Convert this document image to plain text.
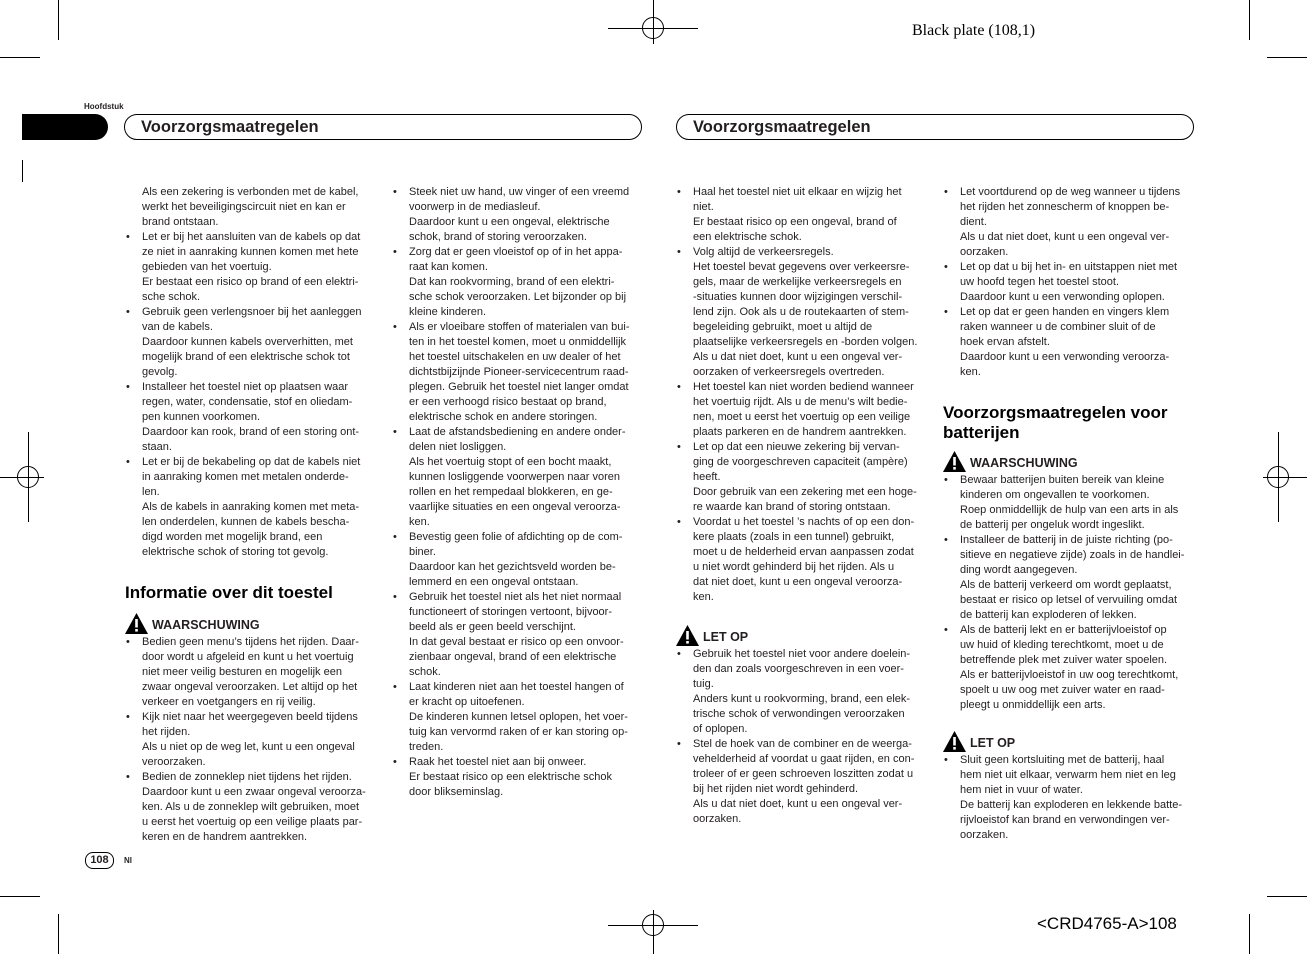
Black plate (108,1)
<CRD4765-A>108
Hoofdstuk
Voorzorgsmaatregelen	Voorzorgsmaatregelen
Als een zekering is verbonden met de kabel,
werkt het beveiligingscircuit niet en kan er
brand ontstaan.
• Let er bij het aansluiten van de kabels op dat
ze niet in aanraking kunnen komen met hete
gebieden van het voertuig.
Er bestaat een risico op brand of een elektri-
sche schok.
• Gebruik geen verlengsnoer bij het aanleggen
van de kabels.
Daardoor kunnen kabels oververhitten, met
mogelijk brand of een elektrische schok tot
gevolg.
• Installeer het toestel niet op plaatsen waar
regen, water, condensatie, stof en oliedam-
pen kunnen voorkomen.
Daardoor kan rook, brand of een storing ont-
staan.
• Let er bij de bekabeling op dat de kabels niet
in aanraking komen met metalen onderde-
len.
Als de kabels in aanraking komen met meta-
len onderdelen, kunnen de kabels bescha-
digd worden met mogelijk brand, een
elektrische schok of storing tot gevolg.
Informatie over dit toestel
WAARSCHUWING
• Bedien geen menu’s tijdens het rijden. Daar-
door wordt u afgeleid en kunt u het voertuig
niet meer veilig besturen en mogelijk een
zwaar ongeval veroorzaken. Let altijd op het
verkeer en voetgangers en rij veilig.
• Kijk niet naar het weergegeven beeld tijdens
het rijden.
Als u niet op de weg let, kunt u een ongeval
veroorzaken.
• Bedien de zonneklep niet tijdens het rijden.
Daardoor kunt u een zwaar ongeval veroorza-
ken. Als u de zonneklep wilt gebruiken, moet
u eerst het voertuig op een veilige plaats par-
keren en de handrem aantrekken.
• Steek niet uw hand, uw vinger of een vreemd
voorwerp in de mediasleuf.
Daardoor kunt u een ongeval, elektrische
schok, brand of storing veroorzaken.
• Zorg dat er geen vloeistof op of in het appa-
raat kan komen.
Dat kan rookvorming, brand of een elektri-
sche schok veroorzaken. Let bijzonder op bij
kleine kinderen.
• Als er vloeibare stoffen of materialen van bui-
ten in het toestel komen, moet u onmiddellijk
het toestel uitschakelen en uw dealer of het
dichtstbijzijnde Pioneer-servicecentrum raad-
plegen. Gebruik het toestel niet langer omdat
er een verhoogd risico bestaat op brand,
elektrische schok en andere storingen.
• Laat de afstandsbediening en andere onder-
delen niet losliggen.
Als het voertuig stopt of een bocht maakt,
kunnen losliggende voorwerpen naar voren
rollen en het rempedaal blokkeren, en ge-
vaarlijke situaties en een ongeval veroorza-
ken.
• Bevestig geen folie of afdichting op de com-
biner.
Daardoor kan het gezichtsveld worden be-
lemmerd en een ongeval ontstaan.
• Gebruik het toestel niet als het niet normaal
functioneert of storingen vertoont, bijvoor-
beeld als er geen beeld verschijnt.
In dat geval bestaat er risico op een onvoor-
zienbaar ongeval, brand of een elektrische
schok.
• Laat kinderen niet aan het toestel hangen of
er kracht op uitoefenen.
De kinderen kunnen letsel oplopen, het voer-
tuig kan vervormd raken of er kan storing op-
treden.
• Raak het toestel niet aan bij onweer.
Er bestaat risico op een elektrische schok
door blikseminslag.
• Haal het toestel niet uit elkaar en wijzig het
niet.
Er bestaat risico op een ongeval, brand of
een elektrische schok.
• Volg altijd de verkeersregels.
Het toestel bevat gegevens over verkeersre-
gels, maar de werkelijke verkeersregels en
-situaties kunnen door wijzigingen verschil-
lend zijn. Ook als u de routekaarten of stem-
begeleiding gebruikt, moet u altijd de
plaatselijke verkeersregels en -borden volgen.
Als u dat niet doet, kunt u een ongeval ver-
oorzaken of verkeersregels overtreden.
• Het toestel kan niet worden bediend wanneer
het voertuig rijdt. Als u de menu’s wilt bedie-
nen, moet u eerst het voertuig op een veilige
plaats parkeren en de handrem aantrekken.
• Let op dat een nieuwe zekering bij vervan-
ging de voorgeschreven capaciteit (ampère)
heeft.
Door gebruik van een zekering met een hoge-
re waarde kan brand of storing ontstaan.
• Voordat u het toestel ’s nachts of op een don-
kere plaats (zoals in een tunnel) gebruikt,
moet u de helderheid ervan aanpassen zodat
u niet wordt gehinderd bij het rijden. Als u
dat niet doet, kunt u een ongeval veroorza-
ken.
LET OP
• Gebruik het toestel niet voor andere doelein-
den dan zoals voorgeschreven in een voer-
tuig.
Anders kunt u rookvorming, brand, een elek-
trische schok of verwondingen veroorzaken
of oplopen.
• Stel de hoek van de combiner en de weerga-
vehelderheid af voordat u gaat rijden, en con-
troleer of er geen schroeven loszitten zodat u
bij het rijden niet wordt gehinderd.
Als u dat niet doet, kunt u een ongeval ver-
oorzaken.
• Let voortdurend op de weg wanneer u tijdens
het rijden het zonnescherm of knoppen be-
dient.
Als u dat niet doet, kunt u een ongeval ver-
oorzaken.
• Let op dat u bij het in- en uitstappen niet met
uw hoofd tegen het toestel stoot.
Daardoor kunt u een verwonding oplopen.
• Let op dat er geen handen en vingers klem
raken wanneer u de combiner sluit of de
hoek ervan afstelt.
Daardoor kunt u een verwonding veroorza-
ken.
Voorzorgsmaatregelen voor
batterijen
WAARSCHUWING
• Bewaar batterijen buiten bereik van kleine
kinderen om ongevallen te voorkomen.
Roep onmiddellijk de hulp van een arts in als
de batterij per ongeluk wordt ingeslikt.
• Installeer de batterij in de juiste richting (po-
sitieve en negatieve zijde) zoals in de handlei-
ding wordt aangegeven.
Als de batterij verkeerd om wordt geplaatst,
bestaat er risico op letsel of vervuiling omdat
de batterij kan exploderen of lekken.
• Als de batterij lekt en er batterijvloeistof op
uw huid of kleding terechtkomt, moet u de
betreffende plek met zuiver water spoelen.
Als er batterijvloeistof in uw oog terechtkomt,
spoelt u uw oog met zuiver water en raad-
pleegt u onmiddellijk een arts.
LET OP
• Sluit geen kortsluiting met de batterij, haal
hem niet uit elkaar, verwarm hem niet en leg
hem niet in vuur of water.
De batterij kan exploderen en lekkende batte-
rijvloeistof kan brand en verwondingen ver-
oorzaken.
108	Nl
